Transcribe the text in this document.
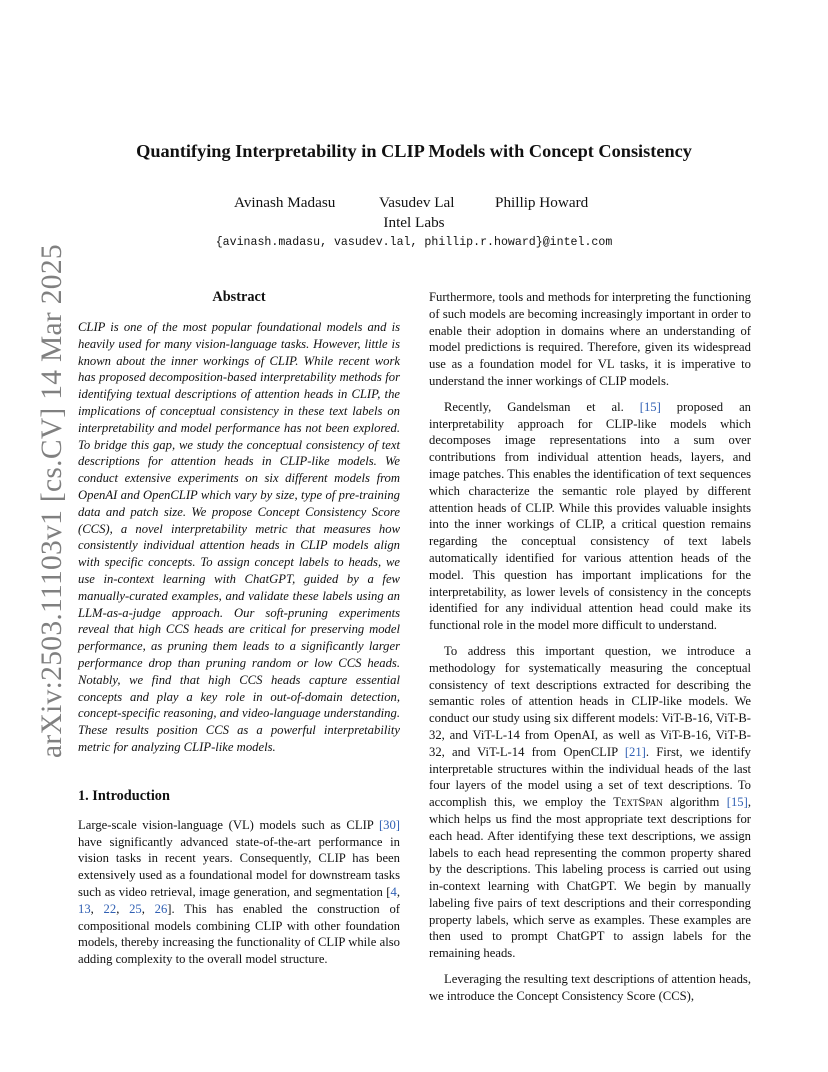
arXiv:2503.11103v1 [cs.CV] 14 Mar 2025
Quantifying Interpretability in CLIP Models with Concept Consistency
Avinash Madasu	Vasudev Lal	Phillip Howard
Intel Labs
{avinash.madasu, vasudev.lal, phillip.r.howard}@intel.com
Abstract

CLIP is one of the most popular foundational models and is heavily used for many vision-language tasks. However, little is known about the inner workings of CLIP. While recent work has proposed decomposition-based interpretability methods for identifying textual descriptions of attention heads in CLIP, the implications of conceptual consistency in these text labels on interpretability and model performance has not been explored. To bridge this gap, we study the conceptual consistency of text descriptions for attention heads in CLIP-like models. We conduct extensive experiments on six different models from OpenAI and OpenCLIP which vary by size, type of pre-training data and patch size. We propose Concept Consistency Score (CCS), a novel interpretability metric that measures how consistently individual attention heads in CLIP models align with specific concepts. To assign concept labels to heads, we use in-context learning with ChatGPT, guided by a few manually-curated examples, and validate these labels using an LLM-as-a-judge approach. Our soft-pruning experiments reveal that high CCS heads are critical for preserving model performance, as pruning them leads to a significantly larger performance drop than pruning random or low CCS heads. Notably, we find that high CCS heads capture essential concepts and play a key role in out-of-domain detection, concept-specific reasoning, and video-language understanding. These results position CCS as a powerful interpretability metric for analyzing CLIP-like models.

1. Introduction

Large-scale vision-language (VL) models such as CLIP [30] have significantly advanced state-of-the-art performance in vision tasks in recent years. Consequently, CLIP has been extensively used as a foundational model for downstream tasks such as video retrieval, image generation, and segmentation [4, 13, 22, 25, 26]. This has enabled the construction of compositional models combining CLIP with other foundation models, thereby increasing the functionality of CLIP while also adding complexity to the overall model structure.

Furthermore, tools and methods for interpreting the functioning of such models are becoming increasingly important in order to enable their adoption in domains where an understanding of model predictions is required. Therefore, given its widespread use as a foundation model for VL tasks, it is imperative to understand the inner workings of CLIP models.

Recently, Gandelsman et al. [15] proposed an interpretability approach for CLIP-like models which decomposes image representations into a sum over contributions from individual attention heads, layers, and image patches. This enables the identification of text sequences which characterize the semantic role played by different attention heads of CLIP. While this provides valuable insights into the inner workings of CLIP, a critical question remains regarding the conceptual consistency of text labels automatically identified for various attention heads of the model. This question has important implications for the interpretability, as lower levels of consistency in the concepts identified for any individual attention head could make its functional role in the model more difficult to understand.

To address this important question, we introduce a methodology for systematically measuring the conceptual consistency of text descriptions extracted for describing the semantic roles of attention heads in CLIP-like models. We conduct our study using six different models: ViT-B-16, ViT-B-32, and ViT-L-14 from OpenAI, as well as ViT-B-16, ViT-B-32, and ViT-L-14 from OpenCLIP [21]. First, we identify interpretable structures within the individual heads of the last four layers of the model using a set of text descriptions. To accomplish this, we employ the TextSpan algorithm [15], which helps us find the most appropriate text descriptions for each head. After identifying these text descriptions, we assign labels to each head representing the common property shared by the descriptions. This labeling process is carried out using in-context learning with ChatGPT. We begin by manually labeling five pairs of text descriptions and their corresponding property labels, which serve as examples. These examples are then used to prompt ChatGPT to assign labels for the remaining heads.

Leveraging the resulting text descriptions of attention heads, we introduce the Concept Consistency Score (CCS),
